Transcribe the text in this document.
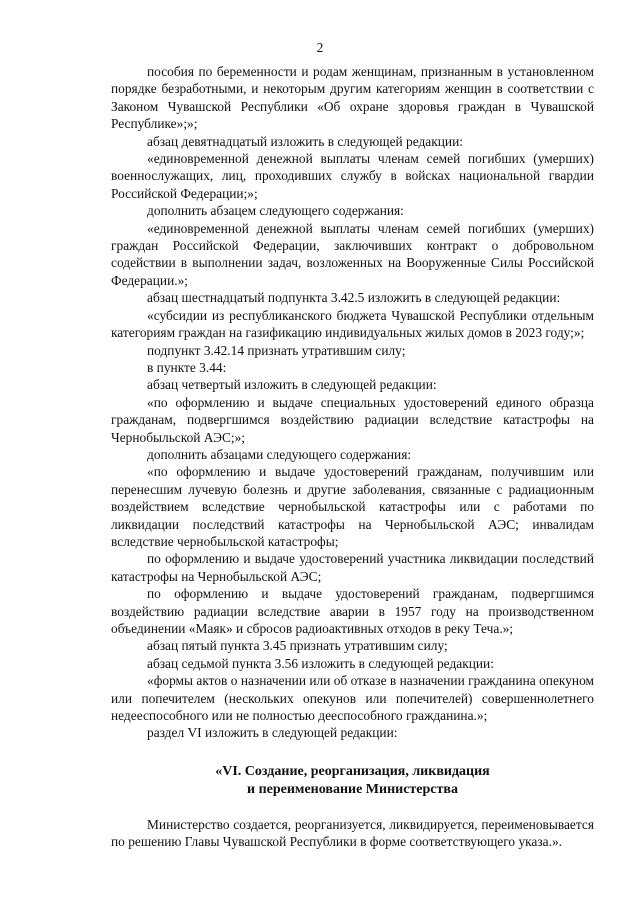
2

пособия по беременности и родам женщинам, признанным в установленном порядке безработными, и некоторым другим категориям женщин в соответствии с Законом Чувашской Республики «Об охране здоровья граждан в Чувашской Республике»;»;

абзац девятнадцатый изложить в следующей редакции:

«единовременной денежной выплаты членам семей погибших (умерших) военнослужащих, лиц, проходивших службу в войсках национальной гвардии Российской Федерации;»;

дополнить абзацем следующего содержания:

«единовременной денежной выплаты членам семей погибших (умерших) граждан Российской Федерации, заключивших контракт о добровольном содействии в выполнении задач, возложенных на Вооруженные Силы Российской Федерации.»;

абзац шестнадцатый подпункта 3.42.5 изложить в следующей редакции:

«субсидии из республиканского бюджета Чувашской Республики отдельным категориям граждан на газификацию индивидуальных жилых домов в 2023 году;»;

подпункт 3.42.14 признать утратившим силу;

в пункте 3.44:

абзац четвертый изложить в следующей редакции:

«по оформлению и выдаче специальных удостоверений единого образца гражданам, подвергшимся воздействию радиации вследствие катастрофы на Чернобыльской АЭС;»;

дополнить абзацами следующего содержания:

«по оформлению и выдаче удостоверений гражданам, получившим или перенесшим лучевую болезнь и другие заболевания, связанные с радиационным воздействием вследствие чернобыльской катастрофы или с работами по ликвидации последствий катастрофы на Чернобыльской АЭС; инвалидам вследствие чернобыльской катастрофы;

по оформлению и выдаче удостоверений участника ликвидации последствий катастрофы на Чернобыльской АЭС;

по оформлению и выдаче удостоверений гражданам, подвергшимся воздействию радиации вследствие аварии в 1957 году на производственном объединении «Маяк» и сбросов радиоактивных отходов в реку Теча.»;

абзац пятый пункта 3.45 признать утратившим силу;

абзац седьмой пункта 3.56 изложить в следующей редакции:

«формы актов о назначении или об отказе в назначении гражданина опекуном или попечителем (нескольких опекунов или попечителей) совершеннолетнего недееспособного или не полностью дееспособного гражданина.»;

раздел VI изложить в следующей редакции:

«VI. Создание, реорганизация, ликвидация
и переименование Министерства

Министерство создается, реорганизуется, ликвидируется, переименовывается по решению Главы Чувашской Республики в форме соответствующего указа.».
